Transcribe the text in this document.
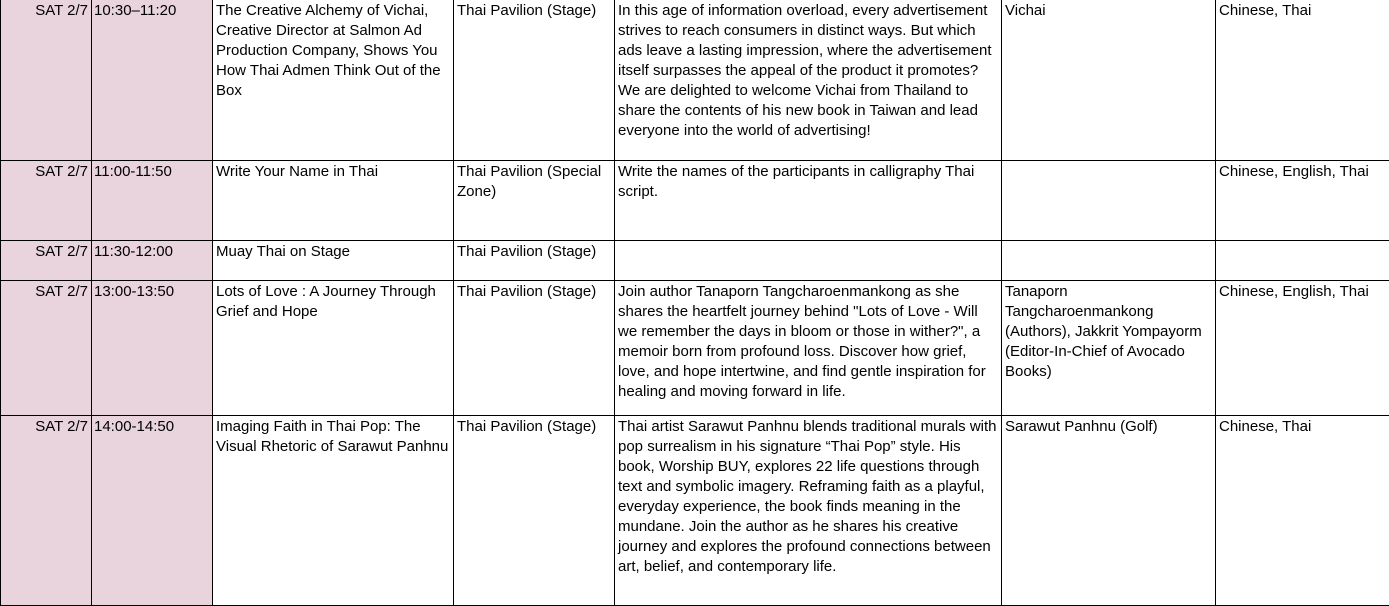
SAT 2/7	10:30–11:20	The Creative Alchemy of Vichai, Creative Director at Salmon Ad Production Company, Shows You How Thai Admen Think Out of the Box	Thai Pavilion (Stage)	In this age of information overload, every advertisement strives to reach consumers in distinct ways. But which ads leave a lasting impression, where the advertisement itself surpasses the appeal of the product it promotes? We are delighted to welcome Vichai from Thailand to share the contents of his new book in Taiwan and lead everyone into the world of advertising!	Vichai	Chinese, Thai
SAT 2/7	11:00-11:50	Write Your Name in Thai	Thai Pavilion (Special Zone)	Write the names of the participants in calligraphy Thai script.		Chinese, English, Thai
SAT 2/7	11:30-12:00	Muay Thai on Stage	Thai Pavilion (Stage)			
SAT 2/7	13:00-13:50	Lots of Love : A Journey Through Grief and Hope	Thai Pavilion (Stage)	Join author Tanaporn Tangcharoenmankong as she shares the heartfelt journey behind "Lots of Love - Will we remember the days in bloom or those in wither?", a memoir born from profound loss. Discover how grief, love, and hope intertwine, and find gentle inspiration for healing and moving forward in life.	Tanaporn Tangcharoenmankong (Authors), Jakkrit Yompayorm (Editor-In-Chief of Avocado Books)	Chinese, English, Thai
SAT 2/7	14:00-14:50	Imaging Faith in Thai Pop: The Visual Rhetoric of Sarawut Panhnu	Thai Pavilion (Stage)	Thai artist Sarawut Panhnu blends traditional murals with pop surrealism in his signature “Thai Pop” style. His book, Worship BUY, explores 22 life questions through text and symbolic imagery. Reframing faith as a playful, everyday experience, the book finds meaning in the mundane. Join the author as he shares his creative journey and explores the profound connections between art, belief, and contemporary life.	Sarawut Panhnu (Golf)	Chinese, Thai
